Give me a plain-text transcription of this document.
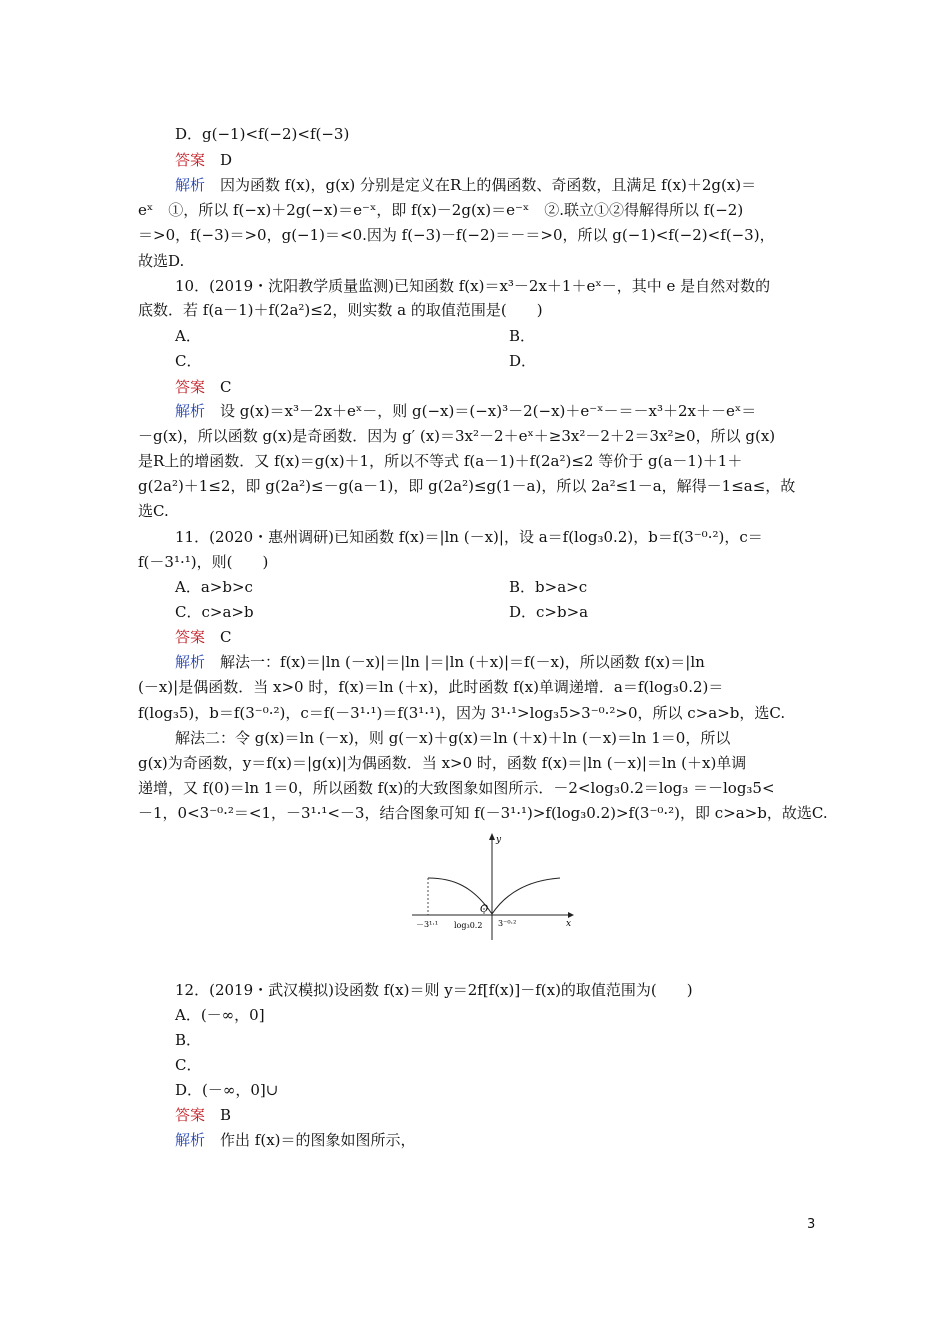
D．g(−1)<f(−2)<f(−3)
答案　D
解析　因为函数 f(x)，g(x) 分别是定义在R上的偶函数、奇函数，且满足 f(x)＋2g(x)＝
eˣ　①，所以 f(−x)＋2g(−x)＝e⁻ˣ，即 f(x)－2g(x)＝e⁻ˣ　②.联立①②得解得所以 f(−2)
＝>0，f(−3)＝>0，g(−1)＝<0.因为 f(−3)－f(−2)＝－＝>0，所以 g(−1)<f(−2)<f(−3)，
故选D.
10．(2019・沈阳教学质量监测)已知函数 f(x)＝x³－2x＋1＋eˣ－，其中 e 是自然对数的
底数．若 f(a－1)＋f(2a²)≤2，则实数 a 的取值范围是(　　)
A．	B．
C．	D．
答案　C
解析　设 g(x)＝x³－2x＋eˣ－，则 g(−x)＝(−x)³－2(−x)＋e⁻ˣ－＝－x³＋2x＋－eˣ＝
－g(x)，所以函数 g(x)是奇函数．因为 g′ (x)＝3x²－2＋eˣ＋≥3x²－2＋2＝3x²≥0，所以 g(x)
是R上的增函数．又 f(x)＝g(x)＋1，所以不等式 f(a－1)＋f(2a²)≤2 等价于 g(a－1)＋1＋
g(2a²)＋1≤2，即 g(2a²)≤－g(a－1)，即 g(2a²)≤g(1－a)，所以 2a²≤1－a，解得－1≤a≤，故
选C.
11．(2020・惠州调研)已知函数 f(x)＝|ln (－x)|，设 a＝f(log₃0.2)，b＝f(3⁻⁰·²)，c＝
f(－3¹·¹)，则(　　)
A．a>b>c	B．b>a>c
C．c>a>b	D．c>b>a
答案　C
解析　解法一：f(x)＝|ln (－x)|＝|ln |＝|ln (＋x)|＝f(－x)，所以函数 f(x)＝|ln
(－x)|是偶函数．当 x>0 时，f(x)＝ln (＋x)，此时函数 f(x)单调递增．a＝f(log₃0.2)＝
f(log₃5)，b＝f(3⁻⁰·²)，c＝f(－3¹·¹)＝f(3¹·¹)，因为 3¹·¹>log₃5>3⁻⁰·²>0，所以 c>a>b，选C.
解法二：令 g(x)＝ln (－x)，则 g(－x)＋g(x)＝ln (＋x)＋ln (－x)＝ln 1＝0，所以
g(x)为奇函数，y＝f(x)＝|g(x)|为偶函数．当 x>0 时，函数 f(x)＝|ln (－x)|＝ln (＋x)单调
递增，又 f(0)＝ln 1＝0，所以函数 f(x)的大致图象如图所示．－2<log₃0.2＝log₃ ＝－log₃5<
－1，0<3⁻⁰·²＝<1，－3¹·¹<－3，结合图象可知 f(－3¹·¹)>f(log₃0.2)>f(3⁻⁰·²)，即 c>a>b，故选C.
12．(2019・武汉模拟)设函数 f(x)＝则 y＝2f[f(x)]－f(x)的取值范围为(　　)
A．(－∞，0]
B．
C．
D．(－∞，0]∪
答案　B
解析　作出 f(x)＝的图象如图所示，
y
x
O
－3¹·¹ log₃0.2 3⁻⁰·²
3
